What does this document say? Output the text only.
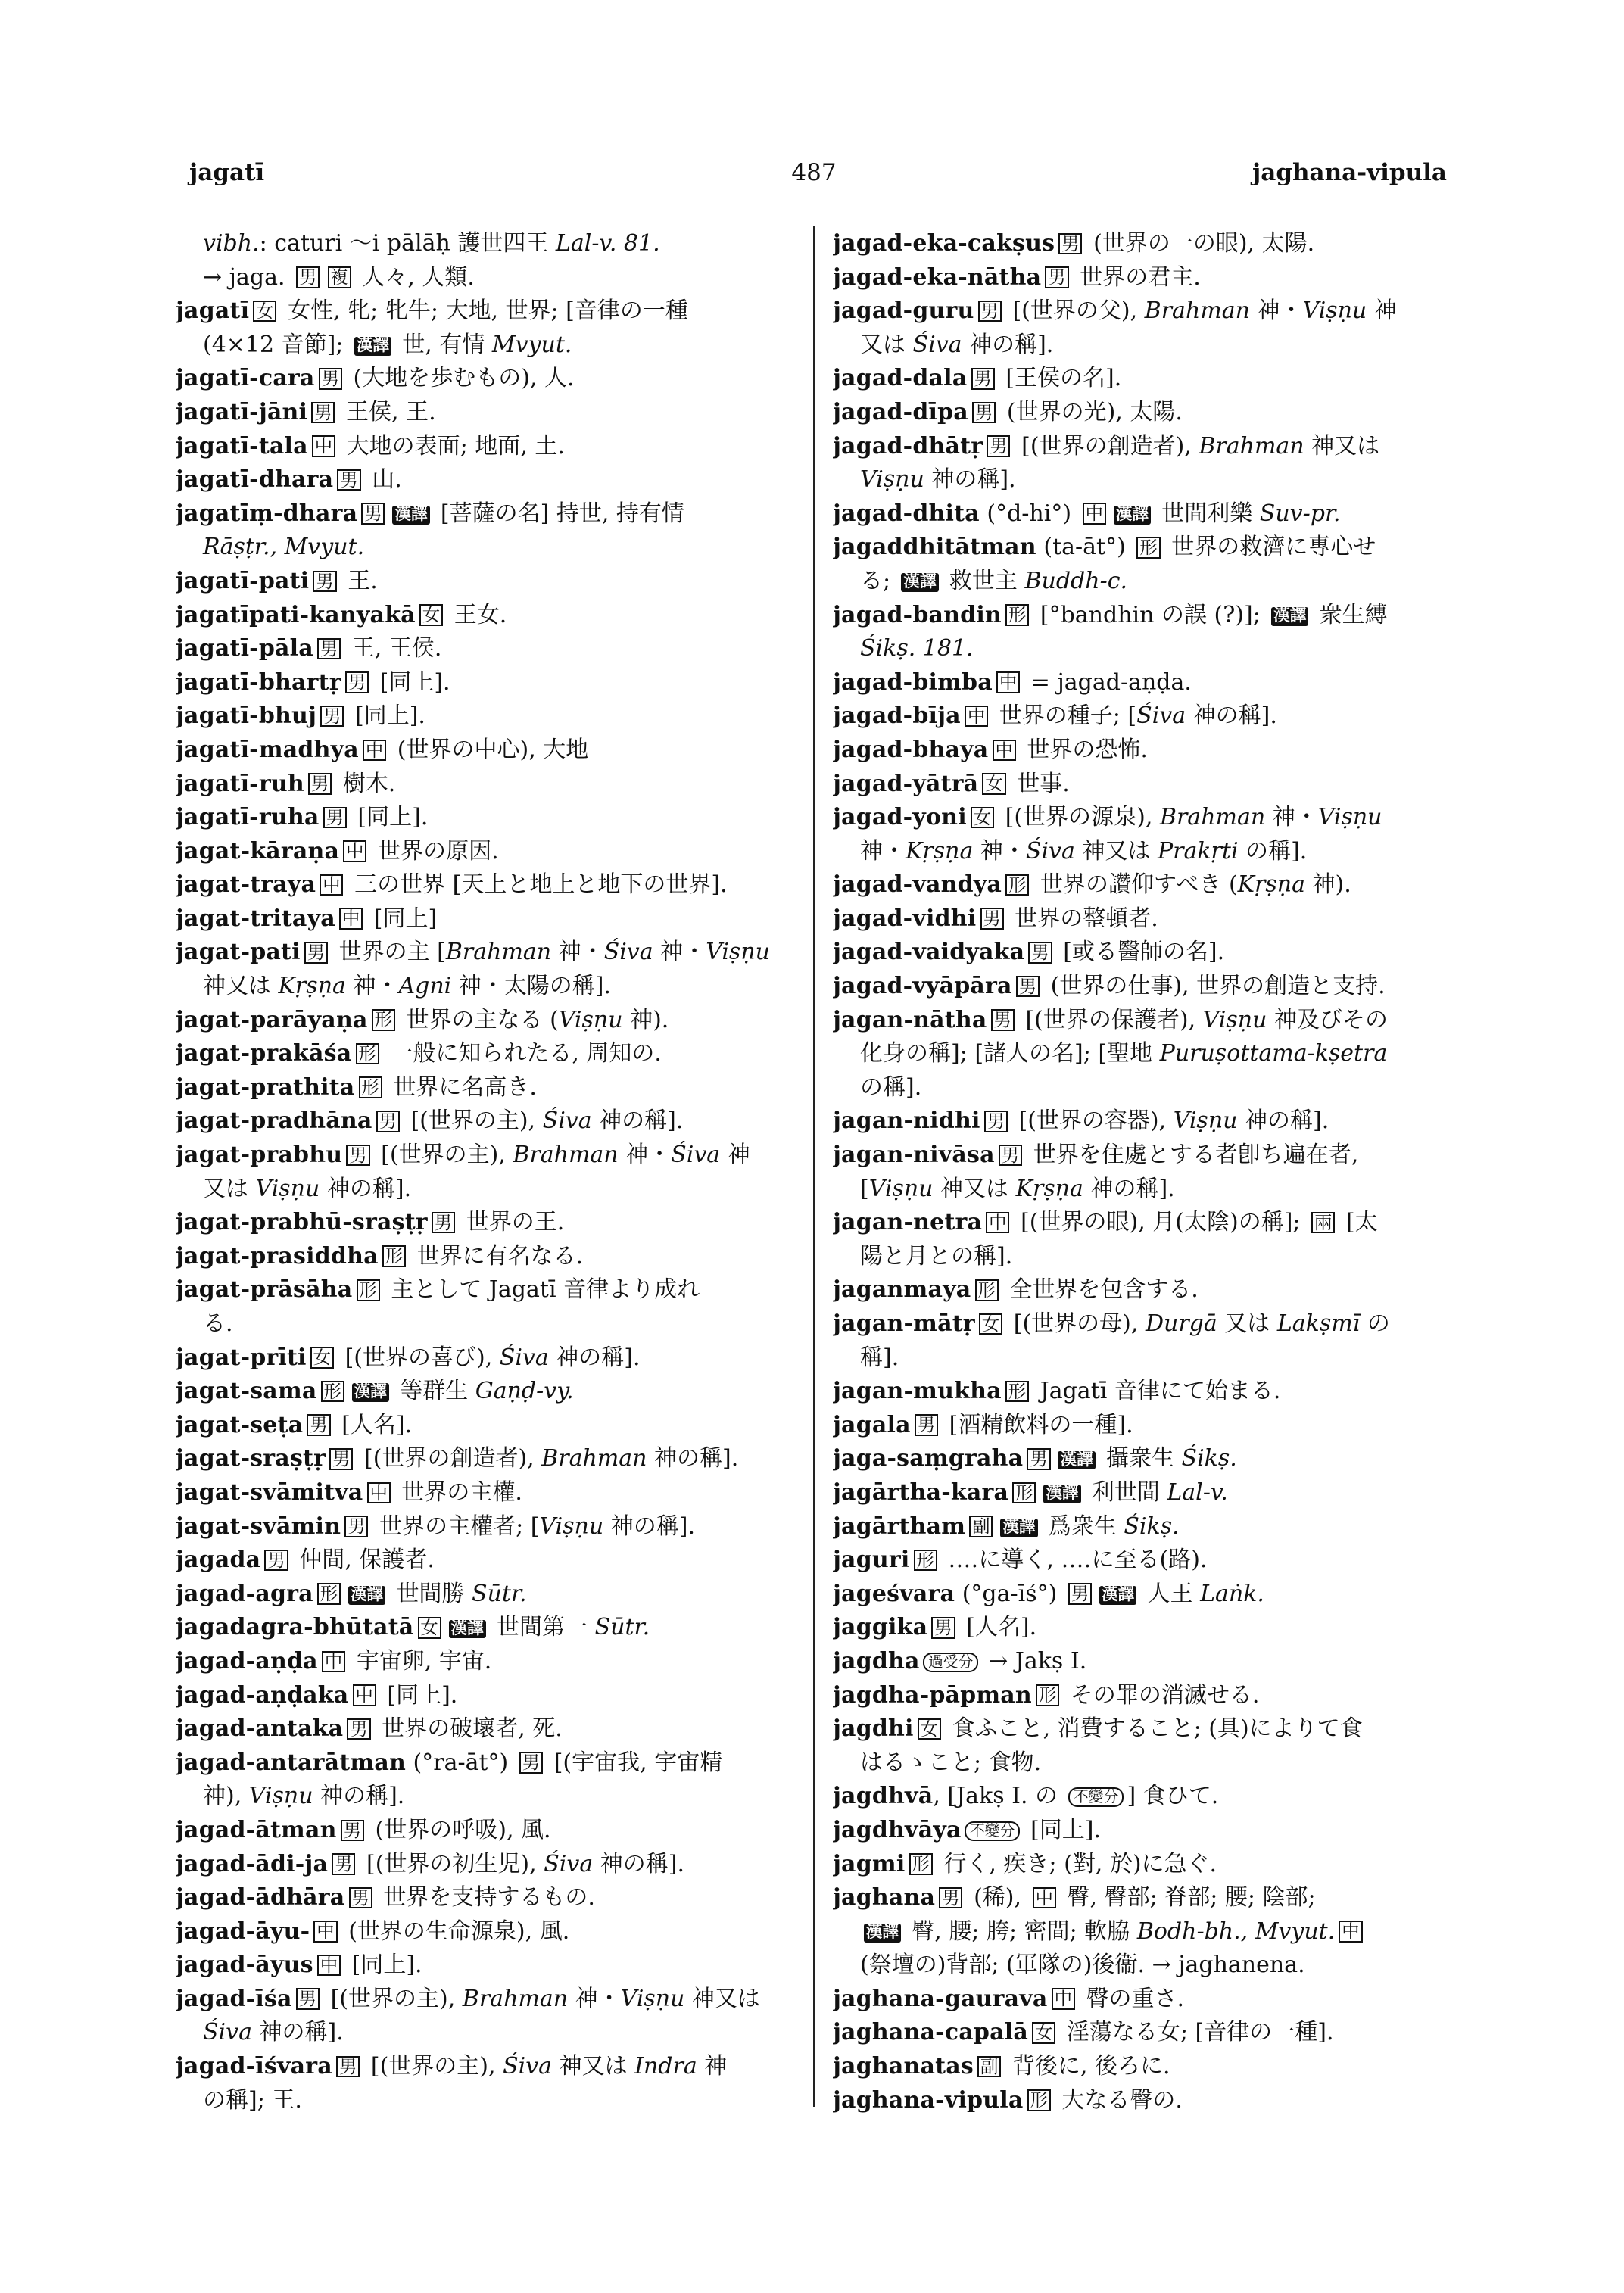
jagatī	487	jaghana-vipula
vibh.: caturi 〜i pālāḥ 護世四王 Lal-v. 81.
→ jaga. 男 複 人々, 人類.
jagatī 女 女性, 牝; 牝牛; 大地, 世界; [音律の一種
(4×12 音節]; 漢譯 世, 有情 Mvyut.
jagatī-cara 男 (大地を歩むもの), 人.
jagatī-jāni 男 王侯, 王.
jagatī-tala 中 大地の表面; 地面, 土.
jagatī-dhara 男 山.
jagatīṃ-dhara 男 漢譯 [菩薩の名] 持世, 持有情
Rāṣṭr., Mvyut.
jagatī-pati 男 王.
jagatīpati-kanyakā 女 王女.
jagatī-pāla 男 王, 王侯.
jagatī-bhartṛ 男 [同上].
jagatī-bhuj 男 [同上].
jagatī-madhya 中 (世界の中心), 大地
jagatī-ruh 男 樹木.
jagatī-ruha 男 [同上].
jagat-kāraṇa 中 世界の原因.
jagat-traya 中 三の世界 [天上と地上と地下の世界].
jagat-tritaya 中 [同上]
jagat-pati 男 世界の主 [Brahman 神・Śiva 神・Viṣṇu
神又は Kṛṣṇa 神・Agni 神・太陽の稱].
jagat-parāyaṇa 形 世界の主なる (Viṣṇu 神).
jagat-prakāśa 形 一般に知られたる, 周知の.
jagat-prathita 形 世界に名高き.
jagat-pradhāna 男 [(世界の主), Śiva 神の稱].
jagat-prabhu 男 [(世界の主), Brahman 神・Śiva 神
又は Viṣṇu 神の稱].
jagat-prabhū-sraṣṭṛ 男 世界の王.
jagat-prasiddha 形 世界に有名なる.
jagat-prāsāha 形 主として Jagatī 音律より成れ
る.
jagat-prīti 女 [(世界の喜び), Śiva 神の稱].
jagat-sama 形 漢譯 等群生 Gaṇḍ-vy.
jagat-seṭa 男 [人名].
jagat-sraṣṭṛ 男 [(世界の創造者), Brahman 神の稱].
jagat-svāmitva 中 世界の主權.
jagat-svāmin 男 世界の主權者; [Viṣṇu 神の稱].
jagada 男 仲間, 保護者.
jagad-agra 形 漢譯 世間勝 Sūtr.
jagadagra-bhūtatā 女 漢譯 世間第一 Sūtr.
jagad-aṇḍa 中 宇宙卵, 宇宙.
jagad-aṇḍaka 中 [同上].
jagad-antaka 男 世界の破壞者, 死.
jagad-antarātman (°ra-āt°) 男 [(宇宙我, 宇宙精
神), Viṣṇu 神の稱].
jagad-ātman 男 (世界の呼吸), 風.
jagad-ādi-ja 男 [(世界の初生児), Śiva 神の稱].
jagad-ādhāra 男 世界を支持するもの.
jagad-āyu- 中 (世界の生命源泉), 風.
jagad-āyus 中 [同上].
jagad-īśa 男 [(世界の主), Brahman 神・Viṣṇu 神又は
Śiva 神の稱].
jagad-īśvara 男 [(世界の主), Śiva 神又は Indra 神
の稱]; 王.
jagad-eka-cakṣus 男 (世界の一の眼), 太陽.
jagad-eka-nātha 男 世界の君主.
jagad-guru 男 [(世界の父), Brahman 神・Viṣṇu 神
又は Śiva 神の稱].
jagad-dala 男 [王侯の名].
jagad-dīpa 男 (世界の光), 太陽.
jagad-dhātṛ 男 [(世界の創造者), Brahman 神又は
Viṣṇu 神の稱].
jagad-dhita (°d-hi°) 中 漢譯 世間利樂 Suv-pr.
jagaddhitātman (ta-āt°) 形 世界の救濟に專心せ
る; 漢譯 救世主 Buddh-c.
jagad-bandin 形 [°bandhin の誤 (?)]; 漢譯 衆生縛
Śikṣ. 181.
jagad-bimba 中 = jagad-aṇḍa.
jagad-bīja 中 世界の種子; [Śiva 神の稱].
jagad-bhaya 中 世界の恐怖.
jagad-yātrā 女 世事.
jagad-yoni 女 [(世界の源泉), Brahman 神・Viṣṇu
神・Kṛṣṇa 神・Śiva 神又は Prakṛti の稱].
jagad-vandya 形 世界の讚仰すべき (Kṛṣṇa 神).
jagad-vidhi 男 世界の整頓者.
jagad-vaidyaka 男 [或る醫師の名].
jagad-vyāpāra 男 (世界の仕事), 世界の創造と支持.
jagan-nātha 男 [(世界の保護者), Viṣṇu 神及びその
化身の稱]; [諸人の名]; [聖地 Puruṣottama-kṣetra
の稱].
jagan-nidhi 男 [(世界の容器), Viṣṇu 神の稱].
jagan-nivāsa 男 世界を住處とする者卽ち遍在者,
[Viṣṇu 神又は Kṛṣṇa 神の稱].
jagan-netra 中 [(世界の眼), 月(太陰)の稱]; 兩 [太
陽と月との稱].
jaganmaya 形 全世界を包含する.
jagan-mātṛ 女 [(世界の母), Durgā 又は Lakṣmī の
稱].
jagan-mukha 形 Jagatī 音律にて始まる.
jagala 男 [酒精飲料の一種].
jaga-saṃgraha 男 漢譯 攝衆生 Śikṣ.
jagārtha-kara 形 漢譯 利世間 Lal-v.
jagārtham 副 漢譯 爲衆生 Śikṣ.
jaguri 形 ‥‥に導く, ‥‥に至る(路).
jageśvara (°ga-īś°) 男 漢譯 人王 Laṅk.
jaggika 男 [人名].
jagdha 過受分 → Jakṣ I.
jagdha-pāpman 形 その罪の消滅せる.
jagdhi 女 食ふこと, 消費すること; (具)によりて食
はるゝこと; 食物.
jagdhvā, [Jakṣ I. の 不變分 ] 食ひて.
jagdhvāya 不變分 [同上].
jagmi 形 行く, 疾き; (對, 於)に急ぐ.
jaghana 男 (稀), 中 臀, 臀部; 脊部; 腰; 陰部;
漢譯 臀, 腰; 胯; 密間; 軟脇 Bodh-bh., Mvyut. 中
(祭壇の)背部; (軍隊の)後衞. → jaghanena.
jaghana-gaurava 中 臀の重さ.
jaghana-capalā 女 淫蕩なる女; [音律の一種].
jaghanatas 副 背後に, 後ろに.
jaghana-vipula 形 大なる臀の.
